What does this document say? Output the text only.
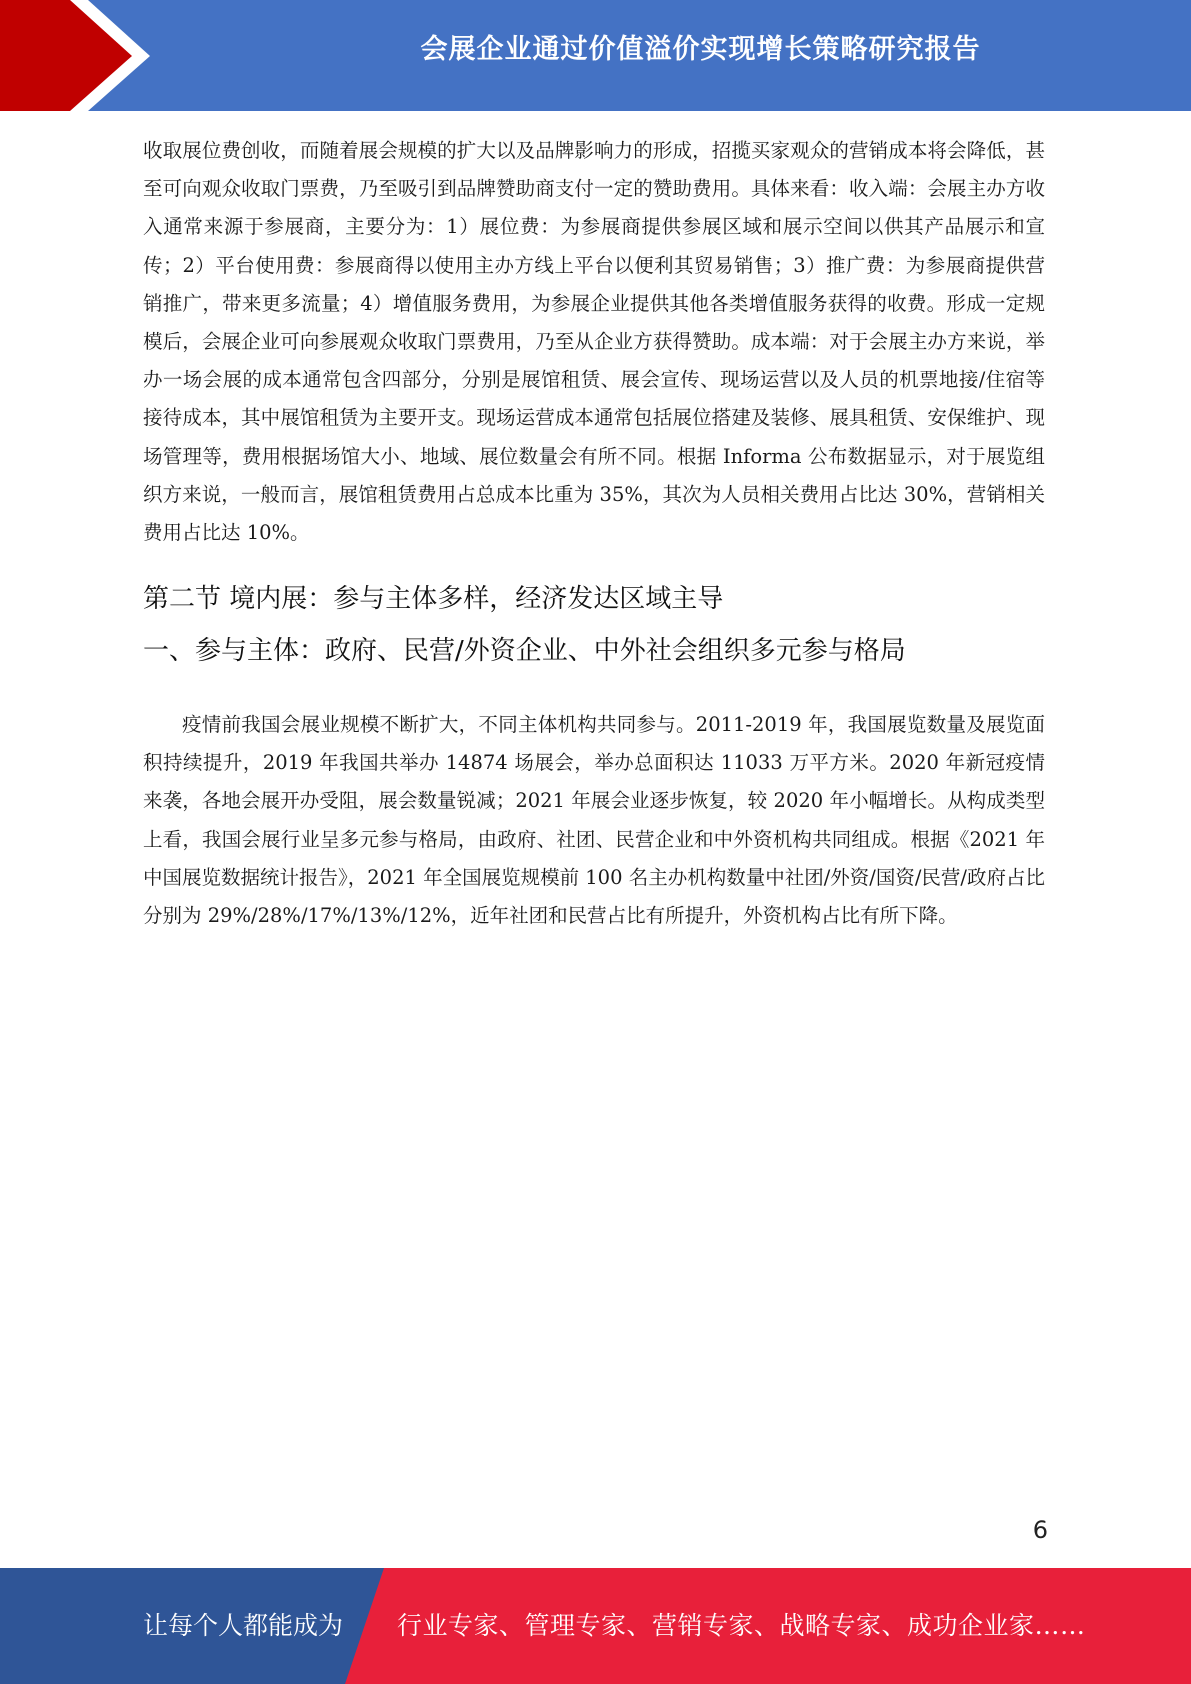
会展企业通过价值溢价实现增长策略研究报告

收取展位费创收，而随着展会规模的扩大以及品牌影响力的形成，招揽买家观众的营销成本将会降低，甚至可向观众收取门票费，乃至吸引到品牌赞助商支付一定的赞助费用。具体来看：收入端：会展主办方收入通常来源于参展商，主要分为：1）展位费：为参展商提供参展区域和展示空间以供其产品展示和宣传；2）平台使用费：参展商得以使用主办方线上平台以便利其贸易销售；3）推广费：为参展商提供营销推广，带来更多流量；4）增值服务费用，为参展企业提供其他各类增值服务获得的收费。形成一定规模后，会展企业可向参展观众收取门票费用，乃至从企业方获得赞助。成本端：对于会展主办方来说，举办一场会展的成本通常包含四部分，分别是展馆租赁、展会宣传、现场运营以及人员的机票地接/住宿等接待成本，其中展馆租赁为主要开支。现场运营成本通常包括展位搭建及装修、展具租赁、安保维护、现场管理等，费用根据场馆大小、地域、展位数量会有所不同。根据 Informa 公布数据显示，对于展览组织方来说，一般而言，展馆租赁费用占总成本比重为 35%，其次为人员相关费用占比达 30%，营销相关费用占比达 10%。

第二节 境内展：参与主体多样，经济发达区域主导
一、参与主体：政府、民营/外资企业、中外社会组织多元参与格局

疫情前我国会展业规模不断扩大，不同主体机构共同参与。2011-2019 年，我国展览数量及展览面积持续提升，2019 年我国共举办 14874 场展会，举办总面积达 11033 万平方米。2020 年新冠疫情来袭，各地会展开办受阻，展会数量锐减；2021 年展会业逐步恢复，较 2020 年小幅增长。从构成类型上看，我国会展行业呈多元参与格局，由政府、社团、民营企业和中外资机构共同组成。根据《2021 年中国展览数据统计报告》，2021 年全国展览规模前 100 名主办机构数量中社团/外资/国资/民营/政府占比分别为 29%/28%/17%/13%/12%，近年社团和民营占比有所提升，外资机构占比有所下降。

6
让每个人都能成为 行业专家、管理专家、营销专家、战略专家、成功企业家……
